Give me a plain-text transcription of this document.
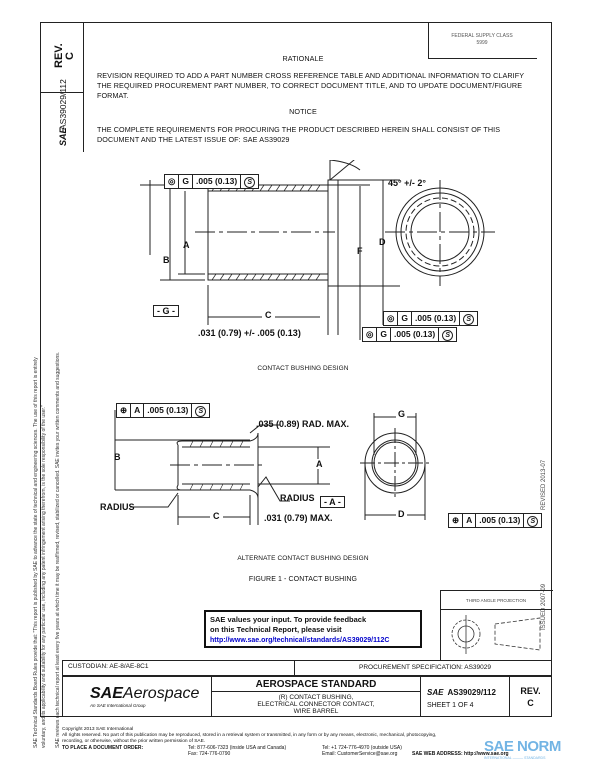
SAE Technical Standards Board Rules provide that: "This report is published by SAE to advance the state of technical and engineering sciences. The use of this report is entirely voluntary, and its applicability and suitability for any particular use, including any patent infringement arising therefrom, is the sole responsibility of the user." SAE reviews each technical report at least every five years at which time it may be reaffirmed, revised, stabilized or cancelled. SAE invites your written comments and suggestions.
REV. C
SAE
AS39029/112
FEDERAL SUPPLY CLASS
5999
RATIONALE
REVISION REQUIRED TO ADD A PART NUMBER CROSS REFERENCE TABLE AND ADDITIONAL INFORMATION TO CLARIFY THE REQUIRED PROCUREMENT PART NUMBER, TO CORRECT DOCUMENT TITLE, AND TO UPDATE DOCUMENT/FIGURE FORMAT.
NOTICE
THE COMPLETE REQUIREMENTS FOR PROCURING THE PRODUCT DESCRIBED HEREIN SHALL CONSIST OF THIS DOCUMENT AND THE LATEST ISSUE OF: SAE AS39029
◎ G .005 (0.13)	S	45° +/- 2°
A
B
F
D
C
- G -
.031 (0.79) +/- .005 (0.13)
◎ G .005 (0.13)	S
◎ G .005 (0.13)	S
CONTACT BUSHING DESIGN
⊕ A .005 (0.13)	S
.035 (0.89) RAD. MAX.
B
A
RADIUS
RADIUS	- A -
C	.031 (0.79) MAX.
G
D
⊕ A .005 (0.13)	S
ALTERNATE CONTACT BUSHING DESIGN
FIGURE 1 - CONTACT BUSHING
REVISED 2013-07
ISSUED 2007-09
SAE values your input. To provide feedback
on this Technical Report, please visit
http://www.sae.org/technical/standards/AS39029/112C
THIRD ANGLE PROJECTION
CUSTODIAN: AE-8/AE-8C1	PROCUREMENT SPECIFICATION: AS39029
SAEAerospace
An SAE International Group
AEROSPACE STANDARD
(R) CONTACT BUSHING,
ELECTRICAL CONNECTOR CONTACT,
WIRE BARREL
SAE AS39029/112
SHEET 1 OF 4
REV.
C
Copyright 2013 SAE International
All rights reserved. No part of this publication may be reproduced, stored in a retrieval system or transmitted, in any form or by any means, electronic, mechanical, photocopying,
recording, or otherwise, without the prior written permission of SAE.
TO PLACE A DOCUMENT ORDER:	Tel: 877-606-7323 (inside USA and Canada)
Fax: 724-776-0790
Tel: +1 724-776-4970 (outside USA)
Email: CustomerService@sae.org	SAE WEB ADDRESS: http://www.sae.org
SAE NORM
INTERNATIONAL ——— STANDARDS
